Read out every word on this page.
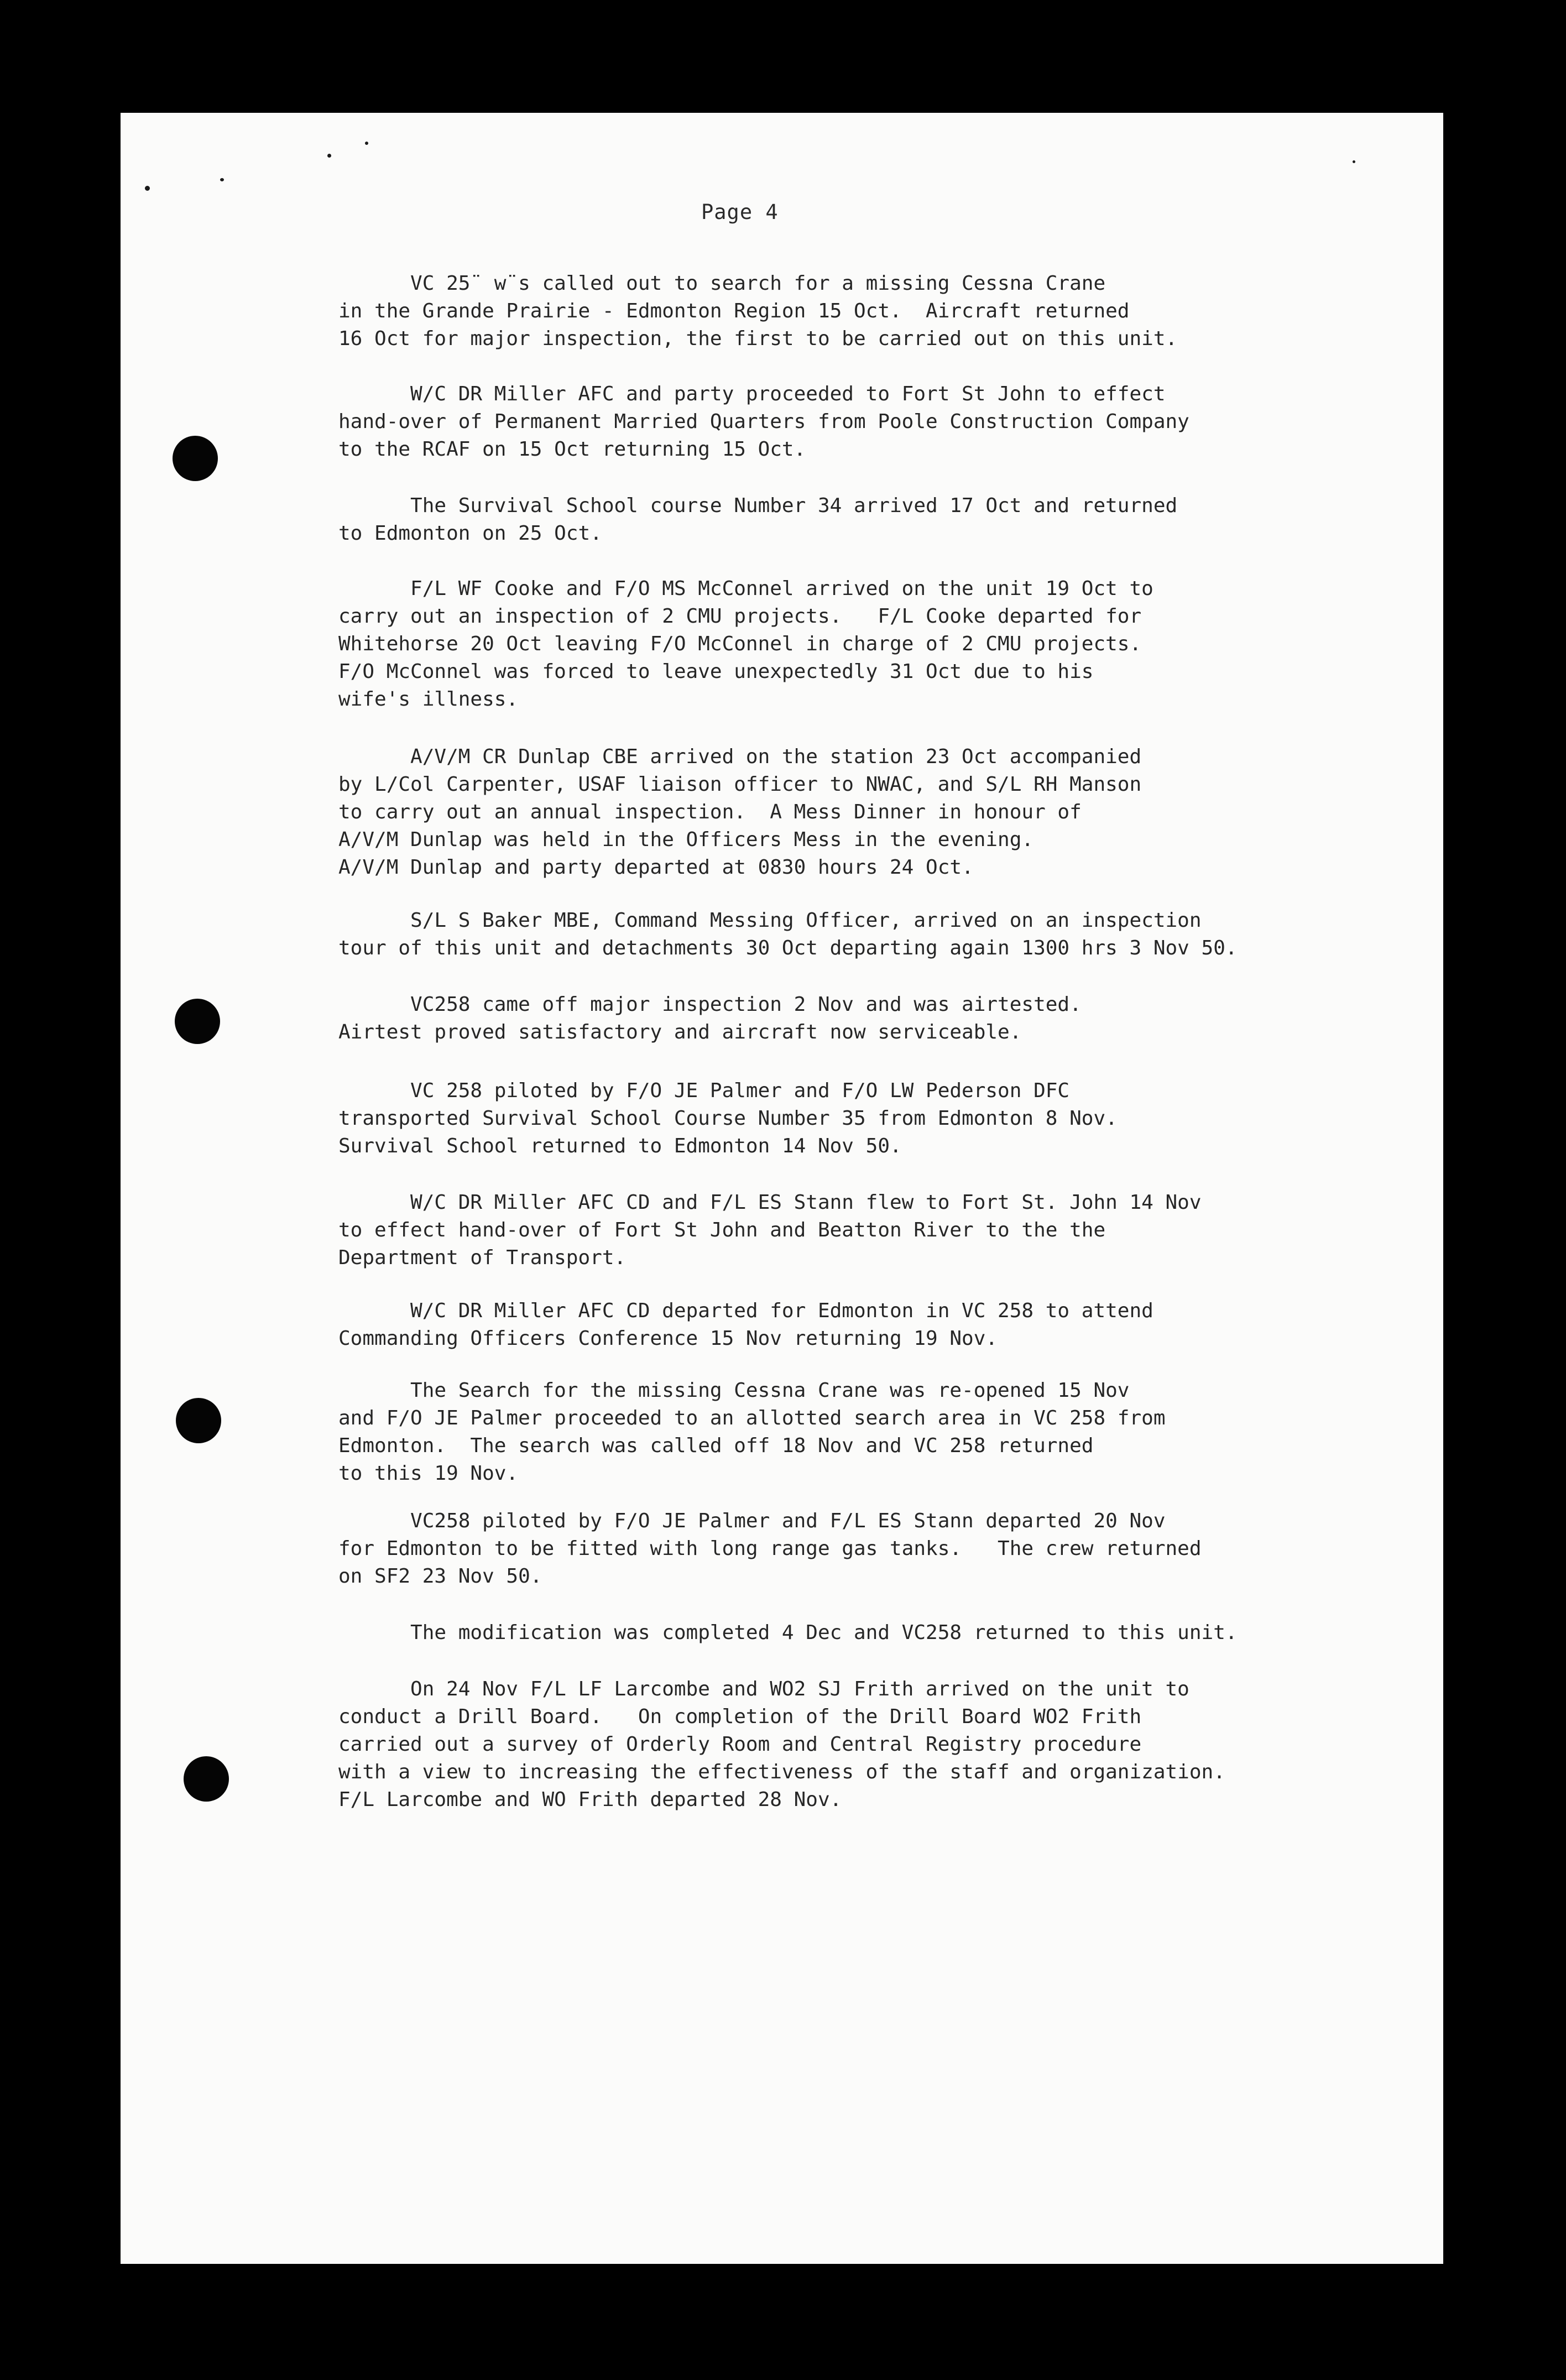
Page 4
VC 25¨ w¨s called out to search for a missing Cessna Crane
in the Grande Prairie - Edmonton Region 15 Oct.  Aircraft returned
16 Oct for major inspection, the first to be carried out on this unit.
W/C DR Miller AFC and party proceeded to Fort St John to effect
hand-over of Permanent Married Quarters from Poole Construction Company
to the RCAF on 15 Oct returning 15 Oct.
The Survival School course Number 34 arrived 17 Oct and returned
to Edmonton on 25 Oct.
F/L WF Cooke and F/O MS McConnel arrived on the unit 19 Oct to
carry out an inspection of 2 CMU projects.   F/L Cooke departed for
Whitehorse 20 Oct leaving F/O McConnel in charge of 2 CMU projects.
F/O McConnel was forced to leave unexpectedly 31 Oct due to his
wife's illness.
A/V/M CR Dunlap CBE arrived on the station 23 Oct accompanied
by L/Col Carpenter, USAF liaison officer to NWAC, and S/L RH Manson
to carry out an annual inspection.  A Mess Dinner in honour of
A/V/M Dunlap was held in the Officers Mess in the evening.
A/V/M Dunlap and party departed at 0830 hours 24 Oct.
S/L S Baker MBE, Command Messing Officer, arrived on an inspection
tour of this unit and detachments 30 Oct departing again 1300 hrs 3 Nov 50.
VC258 came off major inspection 2 Nov and was airtested.
Airtest proved satisfactory and aircraft now serviceable.
VC 258 piloted by F/O JE Palmer and F/O LW Pederson DFC
transported Survival School Course Number 35 from Edmonton 8 Nov.
Survival School returned to Edmonton 14 Nov 50.
W/C DR Miller AFC CD and F/L ES Stann flew to Fort St. John 14 Nov
to effect hand-over of Fort St John and Beatton River to the the
Department of Transport.
W/C DR Miller AFC CD departed for Edmonton in VC 258 to attend
Commanding Officers Conference 15 Nov returning 19 Nov.
The Search for the missing Cessna Crane was re-opened 15 Nov
and F/O JE Palmer proceeded to an allotted search area in VC 258 from
Edmonton.  The search was called off 18 Nov and VC 258 returned
to this 19 Nov.
VC258 piloted by F/O JE Palmer and F/L ES Stann departed 20 Nov
for Edmonton to be fitted with long range gas tanks.   The crew returned
on SF2 23 Nov 50.
The modification was completed 4 Dec and VC258 returned to this unit.
On 24 Nov F/L LF Larcombe and WO2 SJ Frith arrived on the unit to
conduct a Drill Board.   On completion of the Drill Board WO2 Frith
carried out a survey of Orderly Room and Central Registry procedure
with a view to increasing the effectiveness of the staff and organization.
F/L Larcombe and WO Frith departed 28 Nov.
